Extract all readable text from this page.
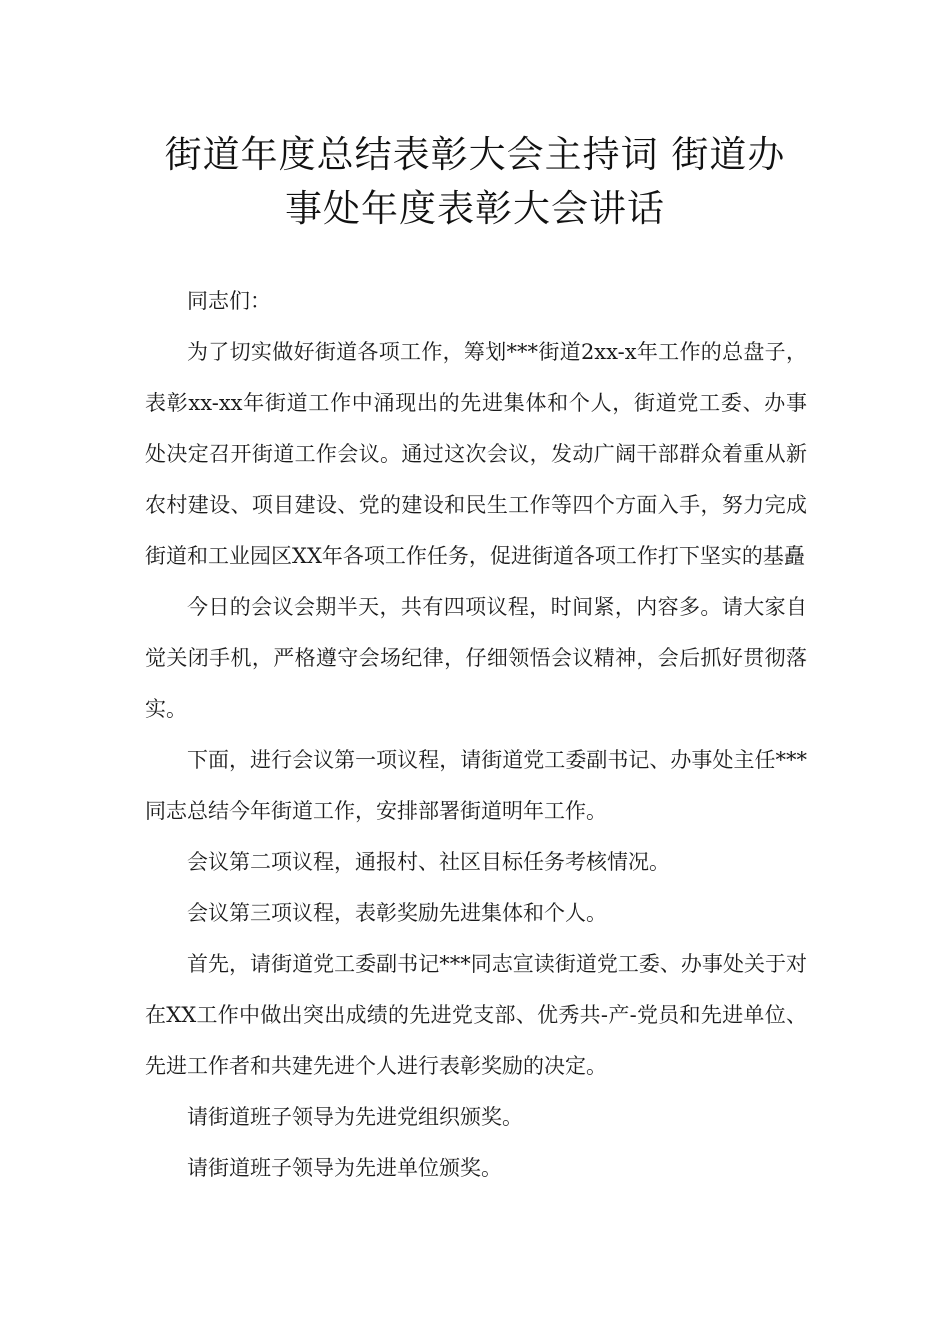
街道年度总结表彰大会主持词 街道办
事处年度表彰大会讲话

同志们：

为了切实做好街道各项工作，筹划***街道2xx-x年工作的总盘子，表彰xx-xx年街道工作中涌现出的先进集体和个人，街道党工委、办事处决定召开街道工作会议。通过这次会议，发动广阔干部群众着重从新农村建设、项目建设、党的建设和民生工作等四个方面入手，努力完成街道和工业园区XX年各项工作任务，促进街道各项工作打下坚实的基矗

今日的会议会期半天，共有四项议程，时间紧，内容多。请大家自觉关闭手机，严格遵守会场纪律，仔细领悟会议精神，会后抓好贯彻落实。

下面，进行会议第一项议程，请街道党工委副书记、办事处主任***同志总结今年街道工作，安排部署街道明年工作。

会议第二项议程，通报村、社区目标任务考核情况。

会议第三项议程，表彰奖励先进集体和个人。

首先，请街道党工委副书记***同志宣读街道党工委、办事处关于对在XX工作中做出突出成绩的先进党支部、优秀共-产-党员和先进单位、先进工作者和共建先进个人进行表彰奖励的决定。

请街道班子领导为先进党组织颁奖。

请街道班子领导为先进单位颁奖。
